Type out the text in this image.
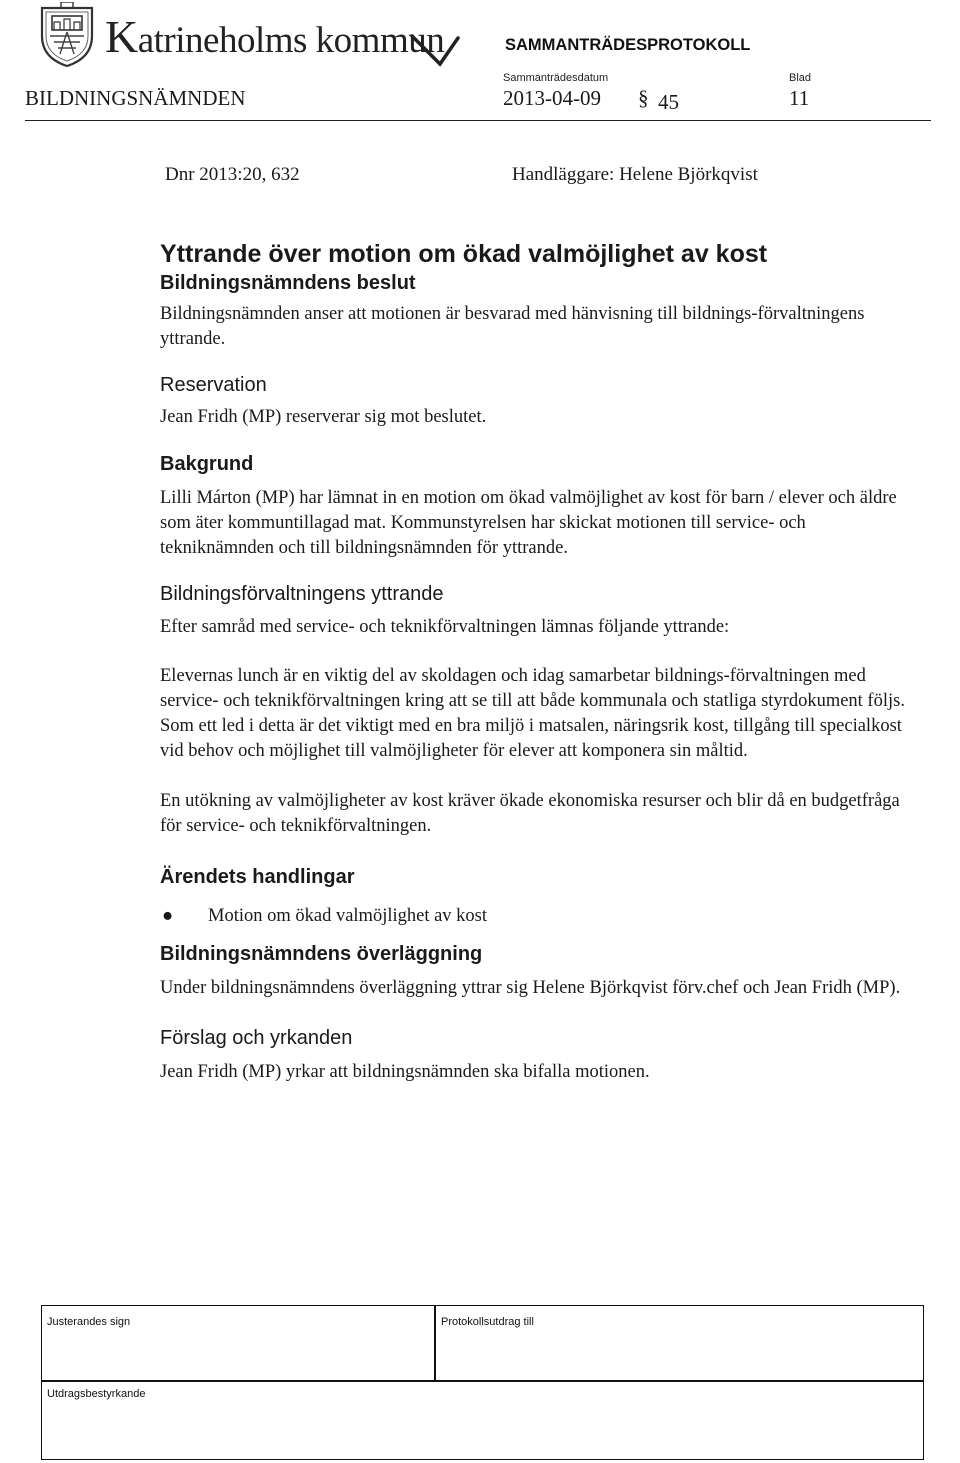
Katrineholms kommun	SAMMANTRÄDESPROTOKOLL
Sammanträdesdatum	Blad
BILDNINGSNÄMNDEN	2013-04-09 § 45	11
Dnr 2013:20, 632	Handläggare: Helene Björkqvist
Yttrande över motion om ökad valmöjlighet av kost
Bildningsnämndens beslut

Bildningsnämnden anser att motionen är besvarad med hänvisning till bildnings-förvaltningens yttrande.

Reservation

Jean Fridh (MP) reserverar sig mot beslutet.

Bakgrund

Lilli Márton (MP) har lämnat in en motion om ökad valmöjlighet av kost för barn / elever och äldre som äter kommuntillagad mat. Kommunstyrelsen har skickat motionen till service- och tekniknämnden och till bildningsnämnden för yttrande.

Bildningsförvaltningens yttrande

Efter samråd med service- och teknikförvaltningen lämnas följande yttrande:

Elevernas lunch är en viktig del av skoldagen och idag samarbetar bildnings-förvaltningen med service- och teknikförvaltningen kring att se till att både kommunala och statliga styrdokument följs. Som ett led i detta är det viktigt med en bra miljö i matsalen, näringsrik kost, tillgång till specialkost vid behov och möjlighet till valmöjligheter för elever att komponera sin måltid.

En utökning av valmöjligheter av kost kräver ökade ekonomiska resurser och blir då en budgetfråga för service- och teknikförvaltningen.

Ärendets handlingar
●	Motion om ökad valmöjlighet av kost
Bildningsnämndens överläggning

Under bildningsnämndens överläggning yttrar sig Helene Björkqvist förv.chef och Jean Fridh (MP).

Förslag och yrkanden

Jean Fridh (MP) yrkar att bildningsnämnden ska bifalla motionen.

Justerandes sign	Protokollsutdrag till
Utdragsbestyrkande
